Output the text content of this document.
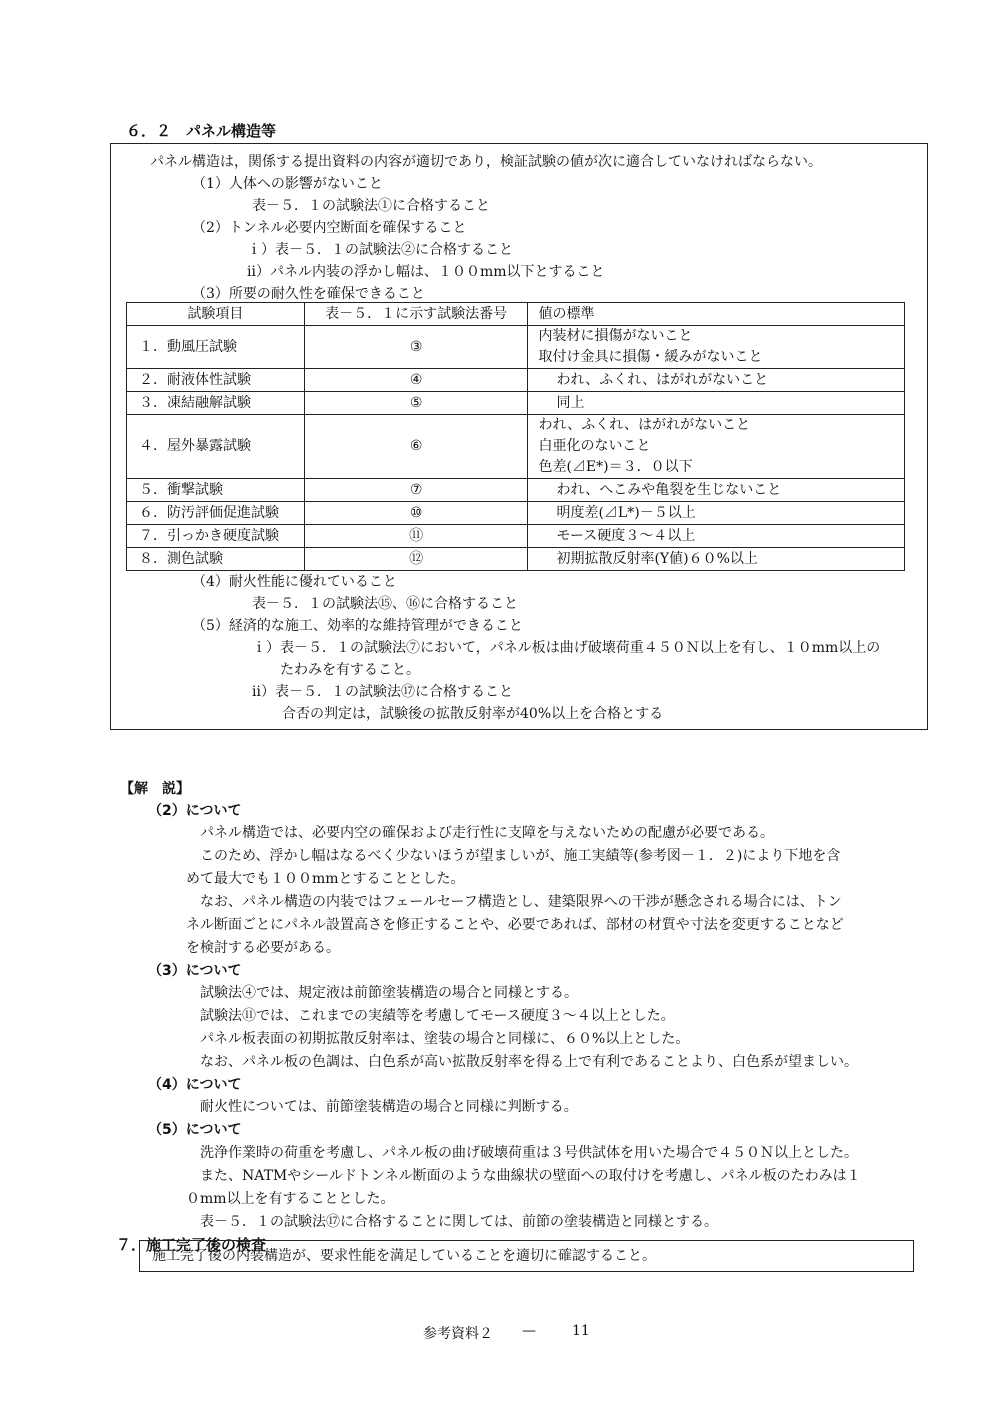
６．２　パネル構造等
パネル構造は，関係する提出資料の内容が適切であり，検証試験の値が次に適合していなければならない。
（1）人体への影響がないこと
表－５．１の試験法①に合格すること
（2）トンネル必要内空断面を確保すること
ｉ）表－５．１の試験法②に合格すること
ⅱ）パネル内装の浮かし幅は、１００mm以下とすること
（3）所要の耐久性を確保できること
試験項目	表－５．１に示す試験法番号	値の標準
１．動風圧試験	③	内装材に損傷がないこと
取付け金具に損傷・緩みがないこと

２．耐液体性試験	④	われ、ふくれ、はがれがないこと
３．凍結融解試験	⑤	同上
４．屋外暴露試験	⑥	われ、ふくれ、はがれがないこと
白亜化のないこと
色差(⊿E*)＝３．０以下

５．衝撃試験	⑦	われ、へこみや亀裂を生じないこと
６．防汚評価促進試験	⑩	明度差(⊿L*)－５以上
７．引っかき硬度試験	⑪	モース硬度３～４以上
８．測色試験	⑫	初期拡散反射率(Y値)６０%以上
（4）耐火性能に優れていること
表－５．１の試験法⑮、⑯に合格すること
（5）経済的な施工、効率的な維持管理ができること
ｉ）表－５．１の試験法⑦において，パネル板は曲げ破壊荷重４５０Ｎ以上を有し、１０mm以上の
たわみを有すること。
ⅱ）表－５．１の試験法⑰に合格すること
合否の判定は，試験後の拡散反射率が40%以上を合格とする
【解　説】
（2）について
パネル構造では、必要内空の確保および走行性に支障を与えないための配慮が必要である。
このため、浮かし幅はなるべく少ないほうが望ましいが、施工実績等(参考図－１．２)により下地を含
めて最大でも１００mmとすることとした。
なお、パネル構造の内装ではフェールセーフ構造とし、建築限界への干渉が懸念される場合には、トン
ネル断面ごとにパネル設置高さを修正することや、必要であれば、部材の材質や寸法を変更することなど
を検討する必要がある。
（3）について
試験法④では、規定液は前節塗装構造の場合と同様とする。
試験法⑪では、これまでの実績等を考慮してモース硬度３～４以上とした。
パネル板表面の初期拡散反射率は、塗装の場合と同様に、６０%以上とした。
なお、パネル板の色調は、白色系が高い拡散反射率を得る上で有利であることより、白色系が望ましい。
（4）について
耐火性については、前節塗装構造の場合と同様に判断する。
（5）について
洗浄作業時の荷重を考慮し、パネル板の曲げ破壊荷重は３号供試体を用いた場合で４５０Ｎ以上とした。
また、NATMやシールドトンネル断面のような曲線状の壁面への取付けを考慮し、パネル板のたわみは１
０mm以上を有することとした。
表－５．１の試験法⑰に合格することに関しては、前節の塗装構造と同様とする。
７．施工完了後の検査
施工完了後の内装構造が、要求性能を満足していることを適切に確認すること。
参考資料２ —	11
